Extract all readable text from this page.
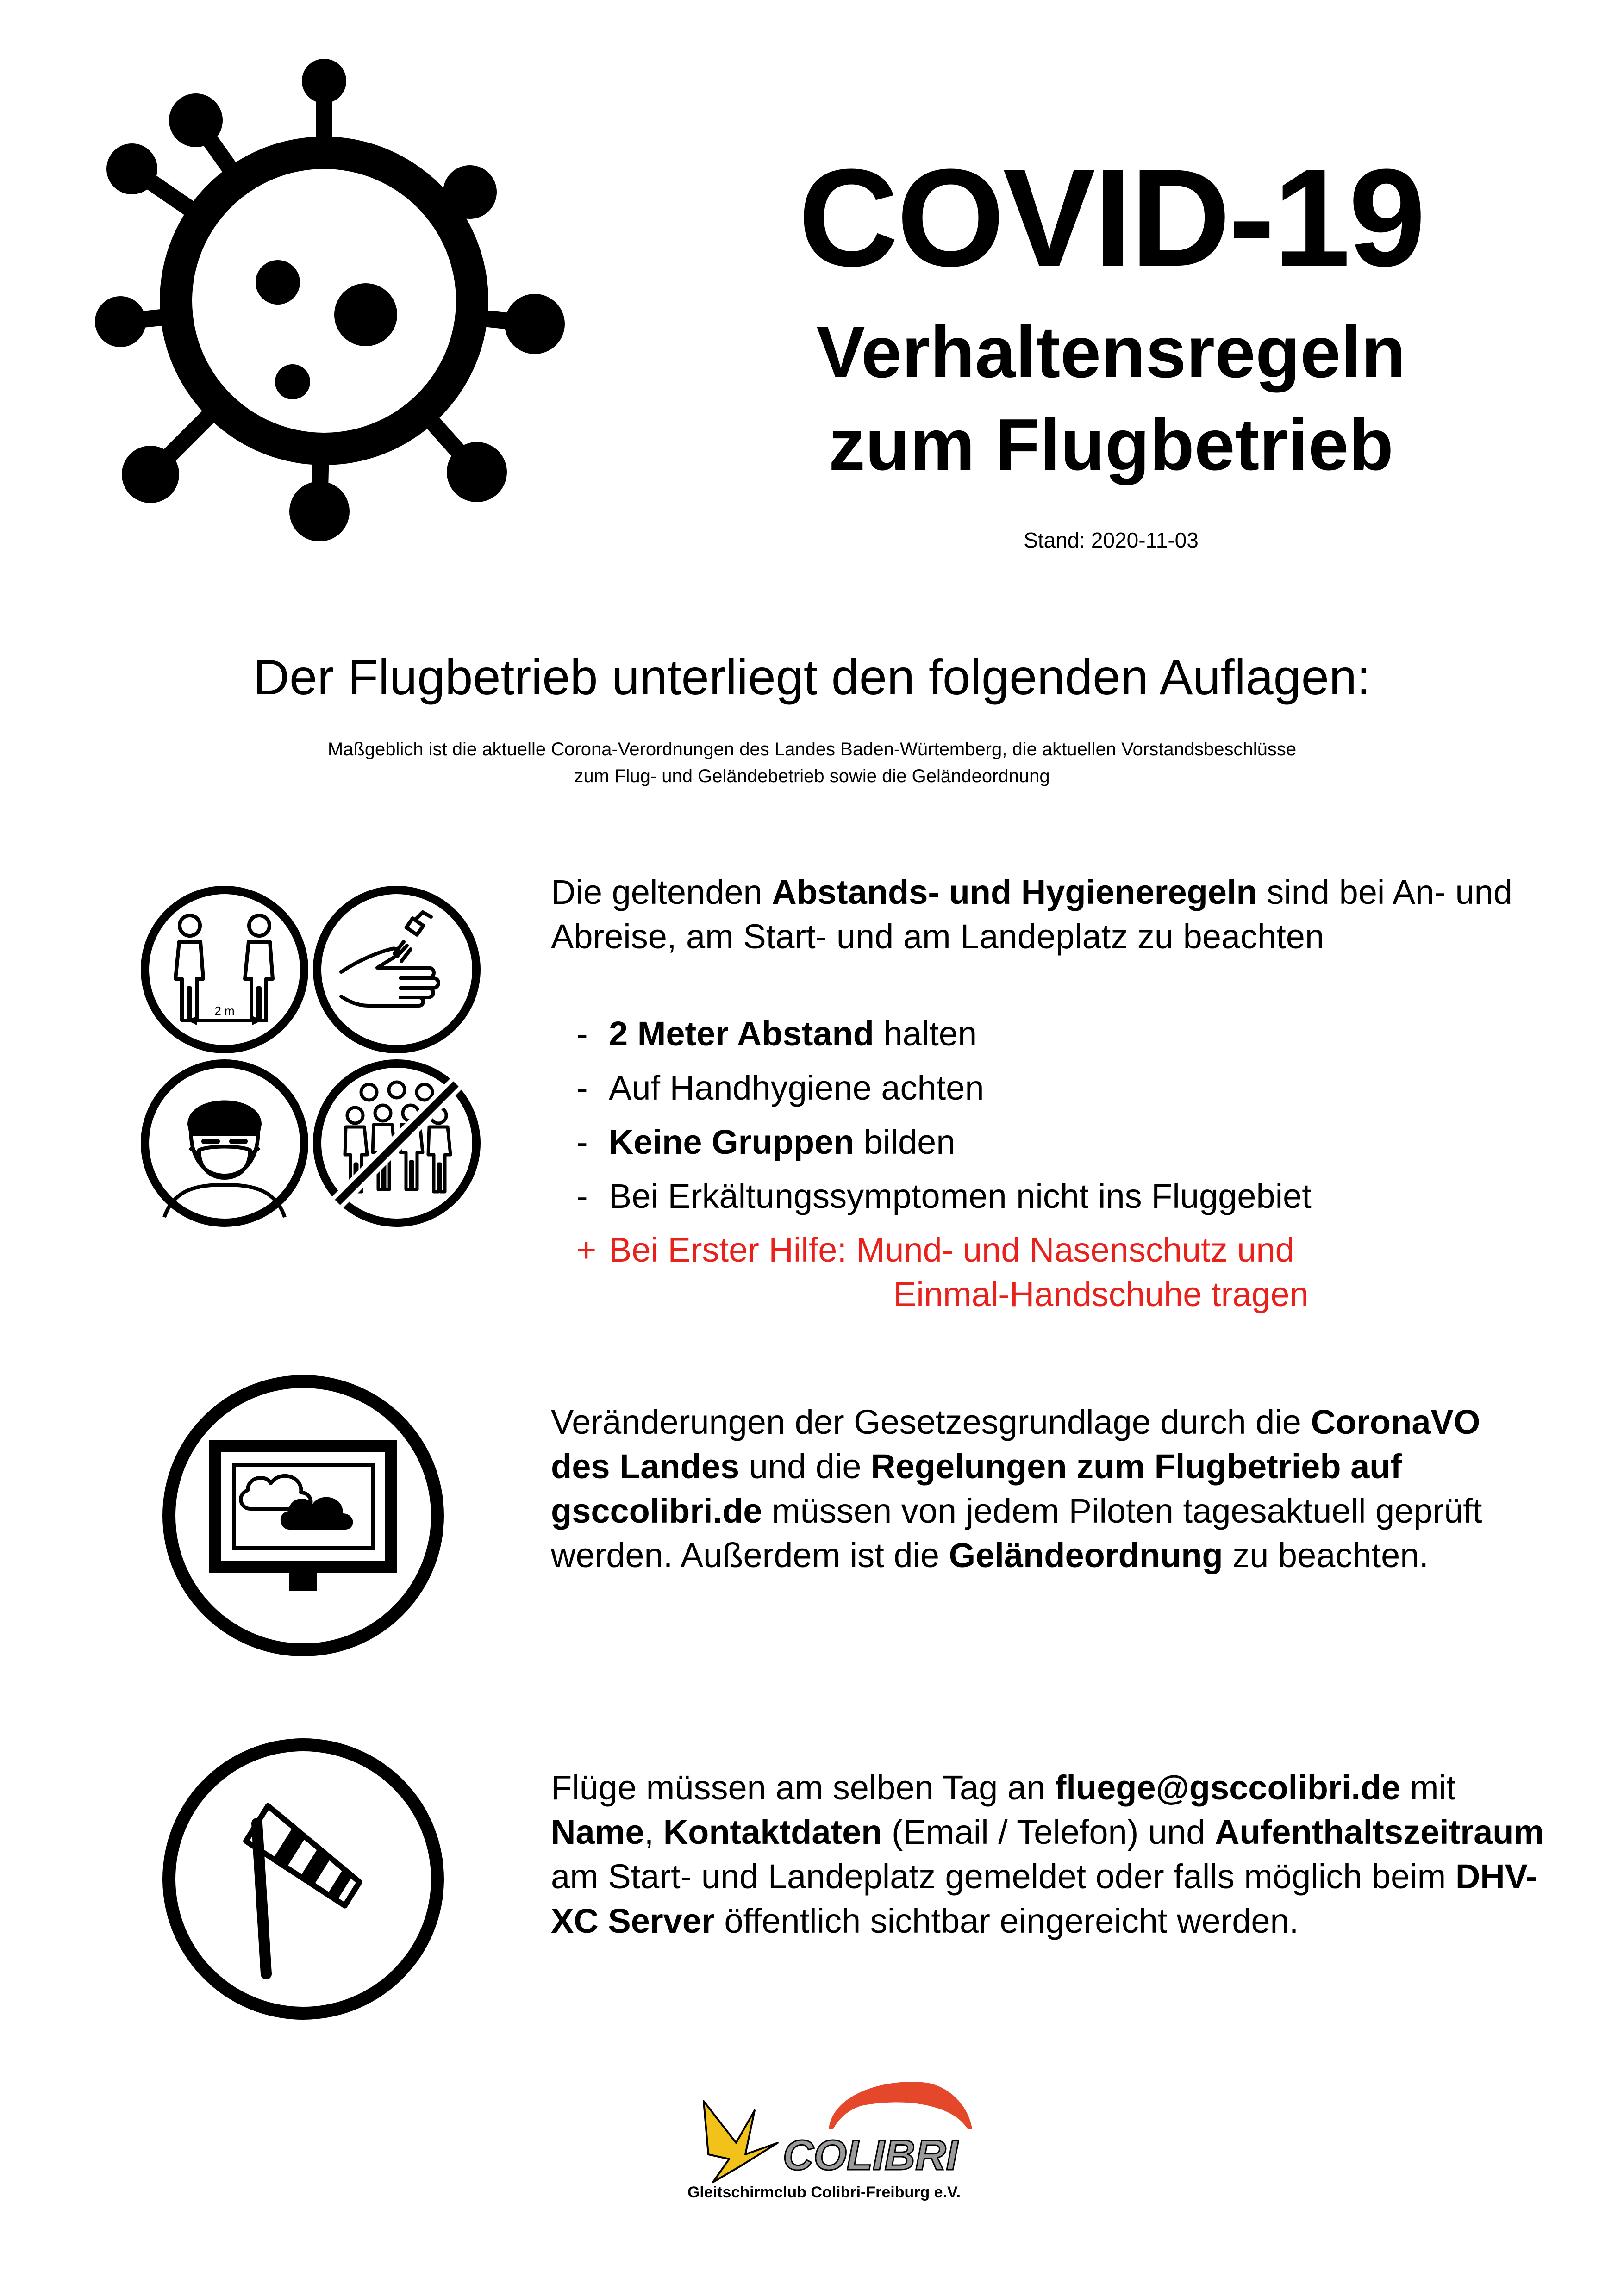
COVID-19
Verhaltensregeln
zum Flugbetrieb
Stand: 2020-11-03
Der Flugbetrieb unterliegt den folgenden Auflagen:
Maßgeblich ist die aktuelle Corona-Verordnungen des Landes Baden-Würtemberg, die aktuellen Vorstandsbeschlüsse
zum Flug- und Geländebetrieb sowie die Geländeordnung
2 m
Die geltenden Abstands- und Hygieneregeln sind bei An- und Abreise, am Start- und am Landeplatz zu beachten
- 2 Meter Abstand halten
- Auf Handhygiene achten
- Keine Gruppen bilden
- Bei Erkältungssymptomen nicht ins Fluggebiet
+ Bei Erster Hilfe: Mund- und Nasenschutz und
Einmal-Handschuhe tragen
Veränderungen der Gesetzesgrundlage durch die CoronaVO des Landes und die Regelungen zum Flugbetrieb auf gsccolibri.de müssen von jedem Piloten tagesaktuell geprüft werden. Außerdem ist die Geländeordnung zu beachten.
Flüge müssen am selben Tag an fluege@gsccolibri.de mit Name, Kontaktdaten (Email / Telefon) und Aufenthaltszeitraum am Start- und Landeplatz gemeldet oder falls möglich beim DHV-XC Server öffentlich sichtbar eingereicht werden.
COLIBRI
Gleitschirmclub Colibri-Freiburg e.V.
